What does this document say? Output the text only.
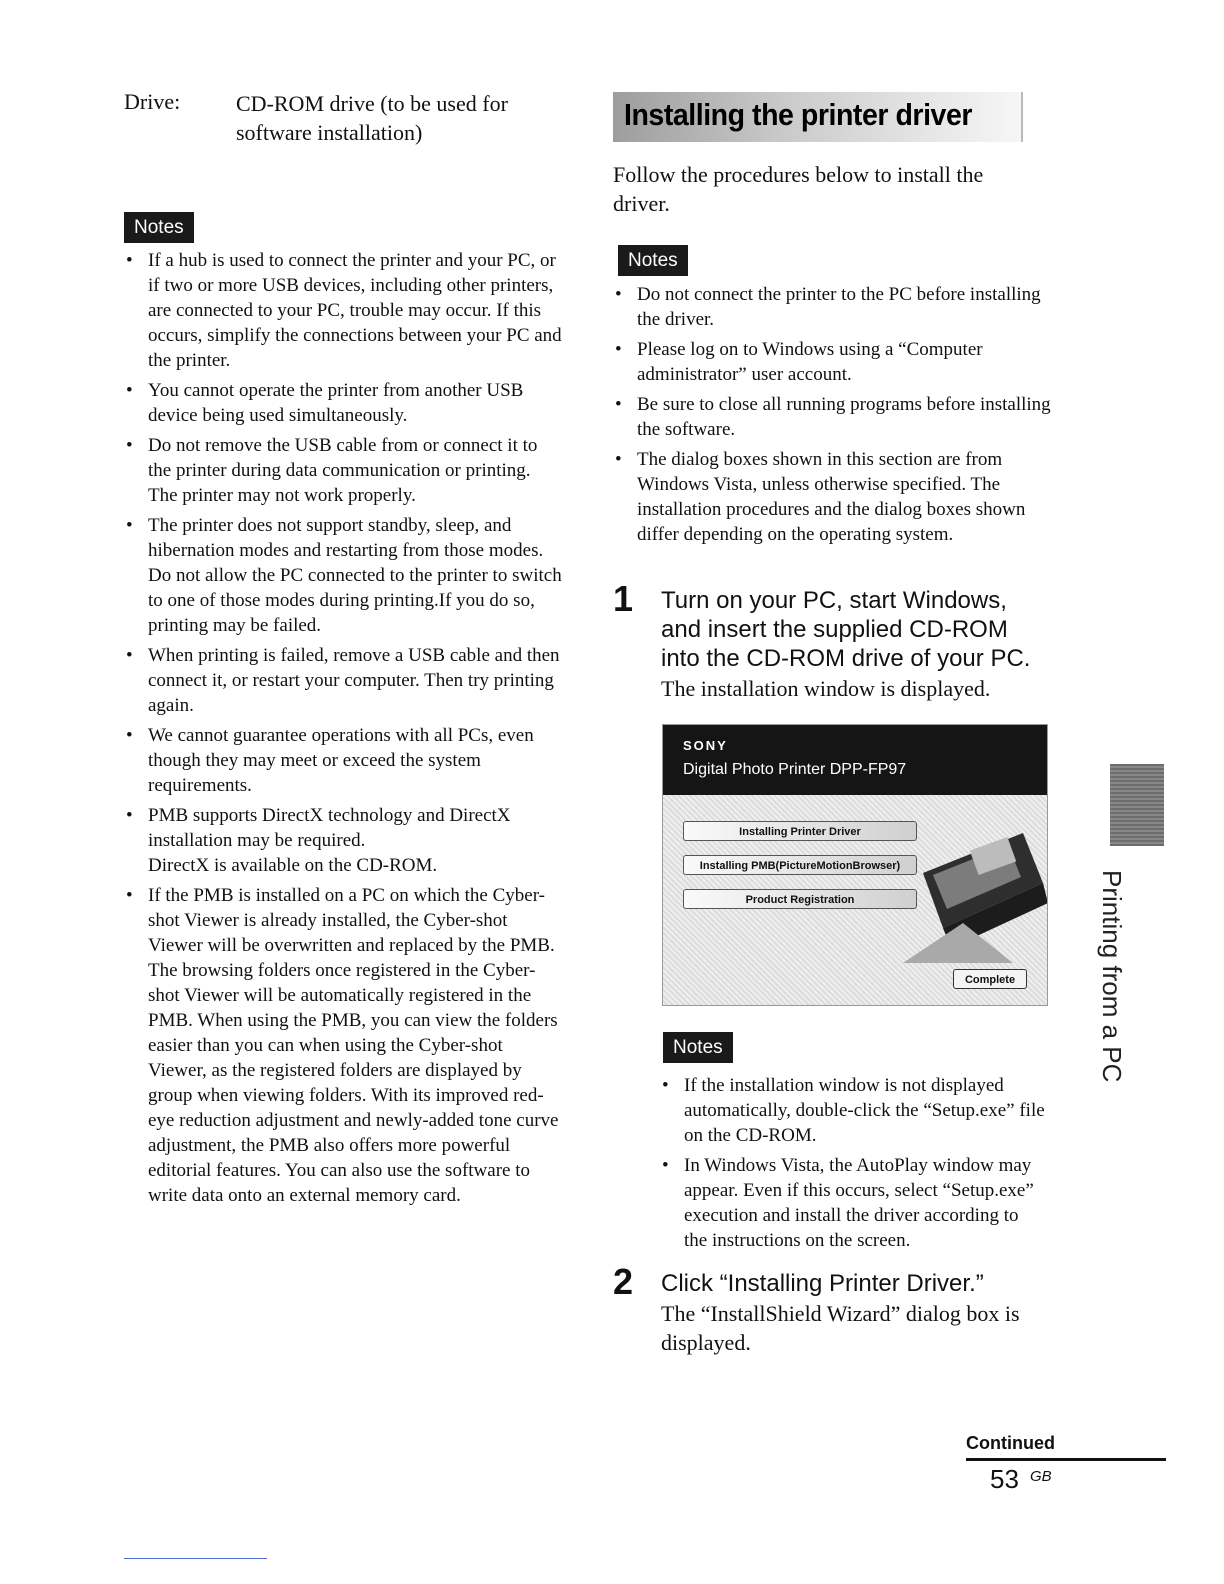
Drive:	CD-ROM drive (to be used for
software installation)
Notes
• If a hub is used to connect the printer and your PC, or if two or more USB devices, including other printers, are connected to your PC, trouble may occur. If this occurs, simplify the connections between your PC and the printer.
• You cannot operate the printer from another USB device being used simultaneously.
• Do not remove the USB cable from or connect it to the printer during data communication or printing. The printer may not work properly.
• The printer does not support standby, sleep, and hibernation modes and restarting from those modes. Do not allow the PC connected to the printer to switch to one of those modes during printing.If you do so, printing may be failed.
• When printing is failed, remove a USB cable and then connect it, or restart your computer. Then try printing again.
• We cannot guarantee operations with all PCs, even though they may meet or exceed the system requirements.
• PMB supports DirectX technology and DirectX installation may be required.
DirectX is available on the CD-ROM.
• If the PMB is installed on a PC on which the Cyber-shot Viewer is already installed, the Cyber-shot Viewer will be overwritten and replaced by the PMB. The browsing folders once registered in the Cyber-shot Viewer will be automatically registered in the PMB. When using the PMB, you can view the folders easier than you can when using the Cyber-shot Viewer, as the registered folders are displayed by group when viewing folders. With its improved red-eye reduction adjustment and newly-added tone curve adjustment, the PMB also offers more powerful editorial features. You can also use the software to write data onto an external memory card.
Installing the printer driver
Follow the procedures below to install the driver.
Notes
• Do not connect the printer to the PC before installing the driver.
• Please log on to Windows using a “Computer administrator” user account.
• Be sure to close all running programs before installing the software.
• The dialog boxes shown in this section are from Windows Vista, unless otherwise specified. The installation procedures and the dialog boxes shown differ depending on the operating system.
1 Turn on your PC, start Windows, and insert the supplied CD-ROM into the CD-ROM drive of your PC.
The installation window is displayed.
SONY
Digital Photo Printer DPP-FP97
Installing Printer Driver
Installing PMB(PictureMotionBrowser)
Product Registration
Complete
Notes
• If the installation window is not displayed automatically, double-click the “Setup.exe” file on the CD-ROM.
• In Windows Vista, the AutoPlay window may appear. Even if this occurs, select “Setup.exe” execution and install the driver according to the instructions on the screen.
2 Click “Installing Printer Driver.”
The “InstallShield Wizard” dialog box is displayed.
Printing from a PC
Continued
53 GB
